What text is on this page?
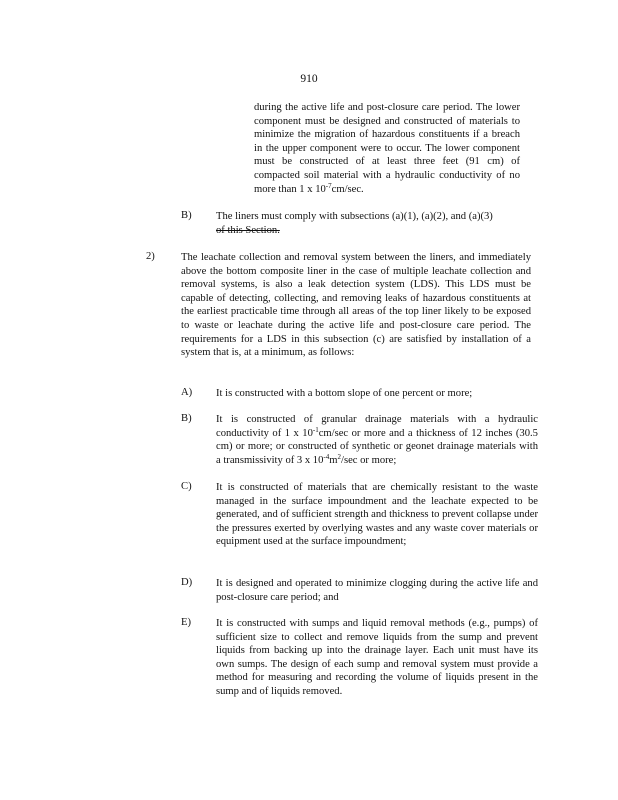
910

during the active life and post-closure care period. The lower component must be designed and constructed of materials to minimize the migration of hazardous constituents if a breach in the upper component were to occur. The lower component must be constructed of at least three feet (91 cm) of compacted soil material with a hydraulic conductivity of no more than 1 x $10^{-7}cm/\sec$.

B) The liners must comply with subsections (a)(1), (a)(2), and (a)(3)
of this Section.

2) The leachate collection and removal system between the liners, and immediately above the bottom composite liner in the case of multiple leachate collection and removal systems, is also a leak detection system (LDS). This LDS must be capable of detecting, collecting, and removing leaks of hazardous constituents at the earliest practicable time through all areas of the top liner likely to be exposed to waste or leachate during the active life and post-closure care period. The requirements for a LDS in this subsection (c) are satisfied by installation of a system that is, at a minimum, as follows:

A) It is constructed with a bottom slope of one percent or more;

B) It is constructed of granular drainage materials with a hydraulic conductivity of 1 x $10^{-1}cm/\sec$ or more and a thickness of 12 inches (30.5 cm) or more; or constructed of synthetic or geonet drainage materials with a transmissivity of 3 x $10^{-4}m^2/\sec$ or more;

C) It is constructed of materials that are chemically resistant to the waste managed in the surface impoundment and the leachate expected to be generated, and of sufficient strength and thickness to prevent collapse under the pressures exerted by overlying wastes and any waste cover materials or equipment used at the surface impoundment;

D) It is designed and operated to minimize clogging during the active life and post-closure care period; and

E) It is constructed with sumps and liquid removal methods (e.g., pumps) of sufficient size to collect and remove liquids from the sump and prevent liquids from backing up into the drainage layer. Each unit must have its own sumps. The design of each sump and removal system must provide a method for measuring and recording the volume of liquids present in the sump and of liquids removed.
